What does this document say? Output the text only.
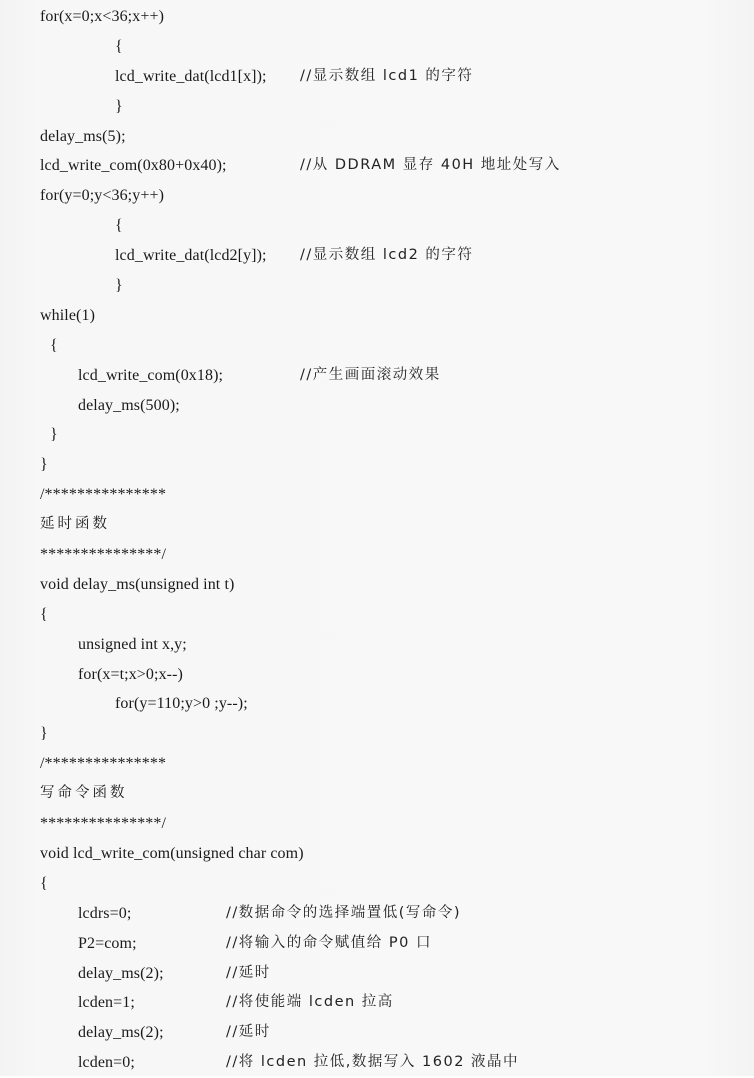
for(x=0;x<36;x++)
{
lcd_write_dat(lcd1[x]); //显示数组 lcd1 的字符
}
delay_ms(5);
lcd_write_com(0x80+0x40);	//从 DDRAM 显存 40H 地址处写入
for(y=0;y<36;y++)
{
lcd_write_dat(lcd2[y]); //显示数组 lcd2 的字符
}
while(1)
{
lcd_write_com(0x18);	//产生画面滚动效果
delay_ms(500);
}
}
/***************
延时函数
***************/
void delay_ms(unsigned int t)
{
unsigned int x,y;
for(x=t;x>0;x--)
for(y=110;y>0 ;y--);
}
/***************
写命令函数
***************/
void lcd_write_com(unsigned char com)
{
lcdrs=0;	//数据命令的选择端置低(写命令)
P2=com;	//将输入的命令赋值给 P0 口
delay_ms(2);	//延时
lcden=1;	//将使能端 lcden 拉高
delay_ms(2);	//延时
lcden=0;	//将 lcden 拉低,数据写入 1602 液晶中
